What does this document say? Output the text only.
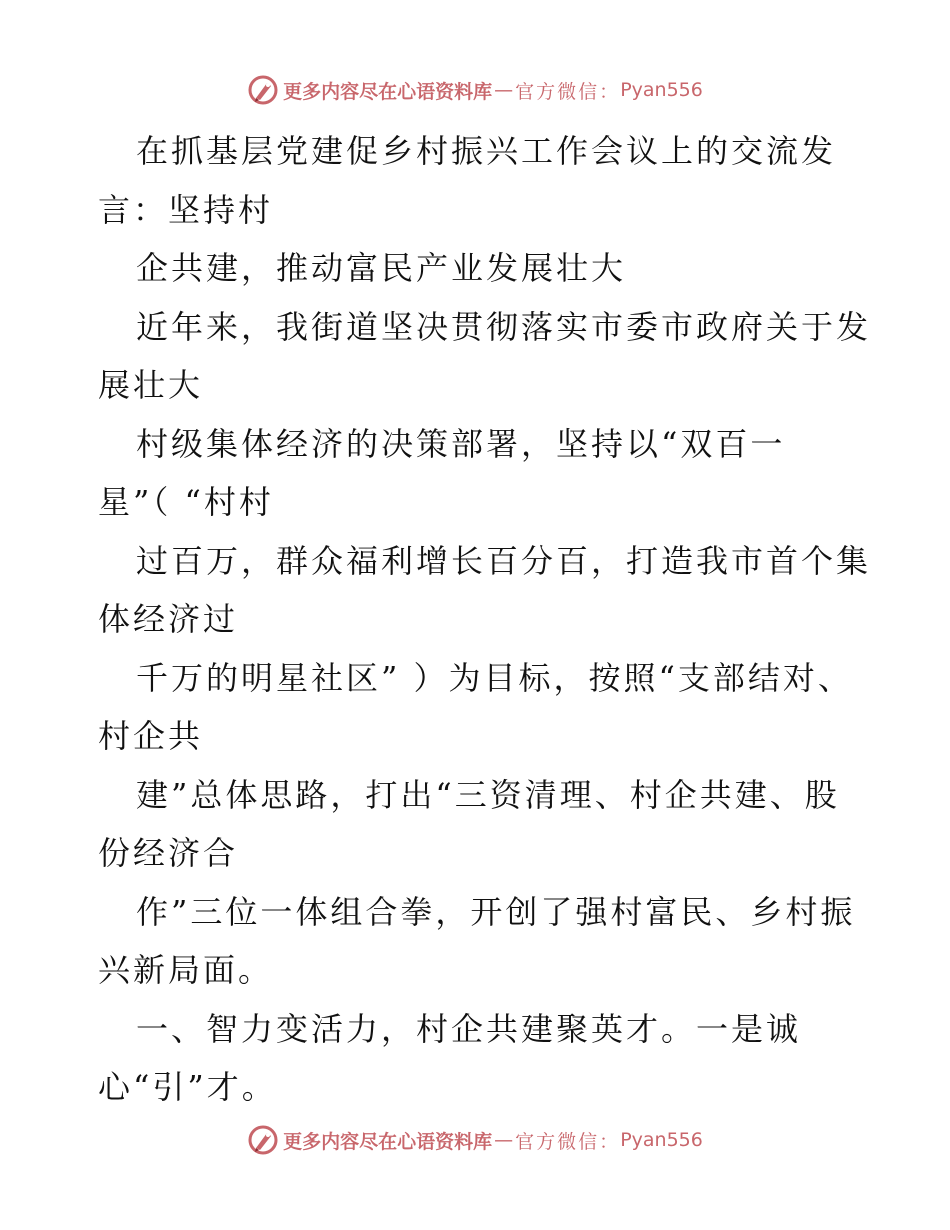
更多内容尽在心语资料库 — 官方微信： Pyan556
在抓基层党建促乡村振兴工作会议上的交流发
言：坚持村
企共建，推动富民产业发展壮大
近年来，我街道坚决贯彻落实市委市政府关于发
展壮大
村级集体经济的决策部署，坚持以“双百一
星”（ “村村
过百万，群众福利增长百分百，打造我市首个集
体经济过
千万的明星社区” ）为目标，按照“支部结对、
村企共
建”总体思路，打出“三资清理、村企共建、股
份经济合
作”三位一体组合拳，开创了强村富民、乡村振
兴新局面。
一、智力变活力，村企共建聚英才。一是诚
心“引”才。
更多内容尽在心语资料库 — 官方微信： Pyan556
